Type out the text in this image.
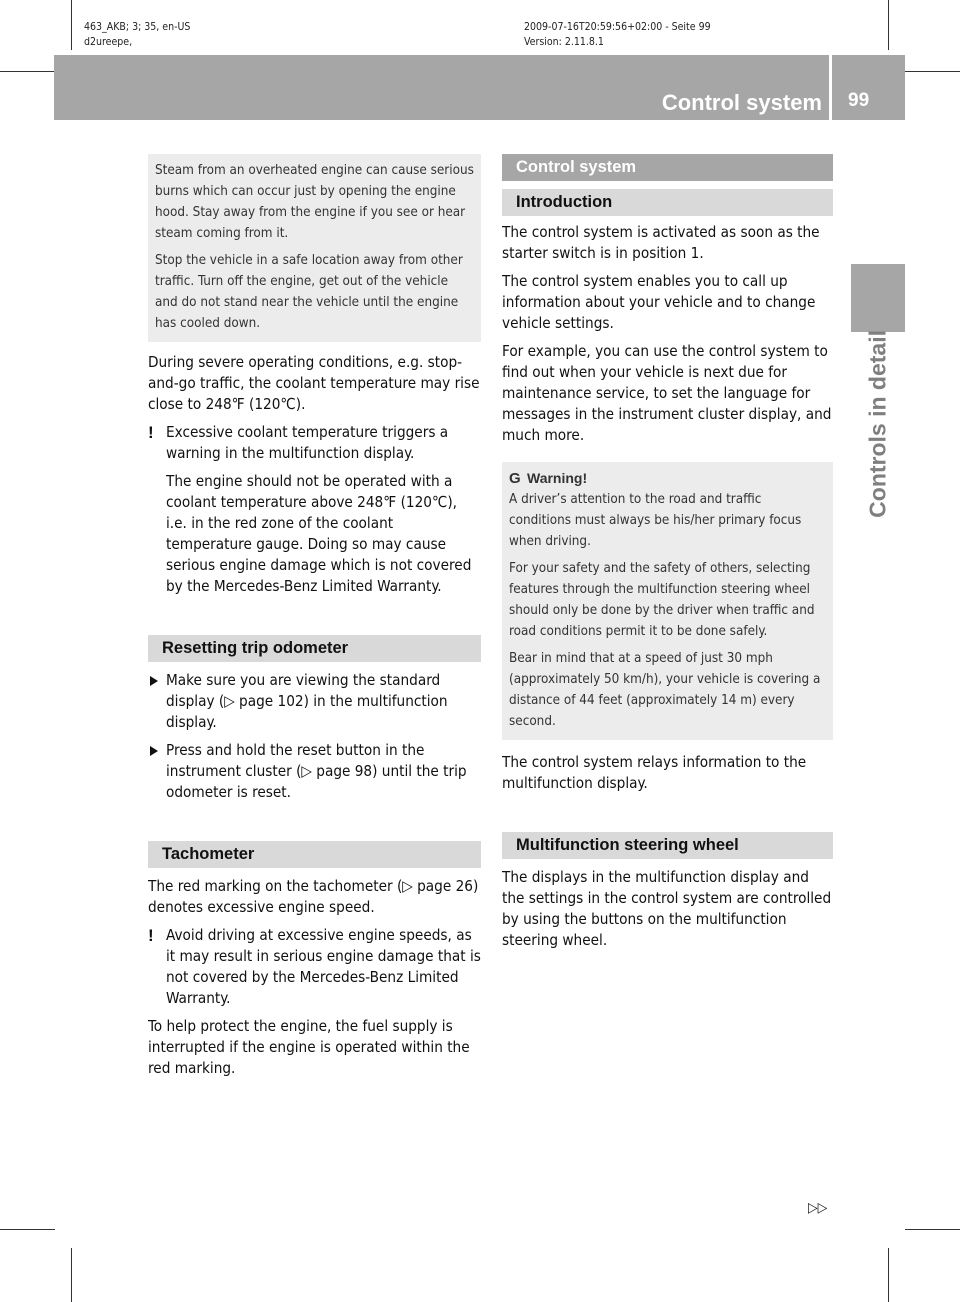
463_AKB; 3; 35, en-US
d2ureepe,
2009-07-16T20:59:56+02:00 - Seite 99
Version: 2.11.8.1
Control system 99
Controls in detail

Steam from an overheated engine can cause serious burns which can occur just by opening the engine hood. Stay away from the engine if you see or hear steam coming from it.

Stop the vehicle in a safe location away from other traffic. Turn off the engine, get out of the vehicle and do not stand near the vehicle until the engine has cooled down.

During severe operating conditions, e.g. stop-and-go traffic, the coolant temperature may rise close to 248℉ (120℃).

! Excessive coolant temperature triggers a warning in the multifunction display.

The engine should not be operated with a coolant temperature above 248℉ (120℃), i.e. in the red zone of the coolant temperature gauge. Doing so may cause serious engine damage which is not covered by the Mercedes-Benz Limited Warranty.

Resetting trip odometer
Make sure you are viewing the standard display (▷ page 102) in the multifunction display.
Press and hold the reset button in the instrument cluster (▷ page 98) until the trip odometer is reset.
Tachometer

The red marking on the tachometer (▷ page 26) denotes excessive engine speed.

! Avoid driving at excessive engine speeds, as it may result in serious engine damage that is not covered by the Mercedes-Benz Limited Warranty.

To help protect the engine, the fuel supply is interrupted if the engine is operated within the red marking.

Control system
Introduction

The control system is activated as soon as the starter switch is in position 1.

The control system enables you to call up information about your vehicle and to change vehicle settings.

For example, you can use the control system to find out when your vehicle is next due for maintenance service, to set the language for messages in the instrument cluster display, and much more.

G Warning!

A driver’s attention to the road and traffic conditions must always be his/her primary focus when driving.

For your safety and the safety of others, selecting features through the multifunction steering wheel should only be done by the driver when traffic and road conditions permit it to be done safely.

Bear in mind that at a speed of just 30 mph (approximately 50 km/h), your vehicle is covering a distance of 44 feet (approximately 14 m) every second.

The control system relays information to the multifunction display.

Multifunction steering wheel

The displays in the multifunction display and the settings in the control system are controlled by using the buttons on the multifunction steering wheel.

▷▷
